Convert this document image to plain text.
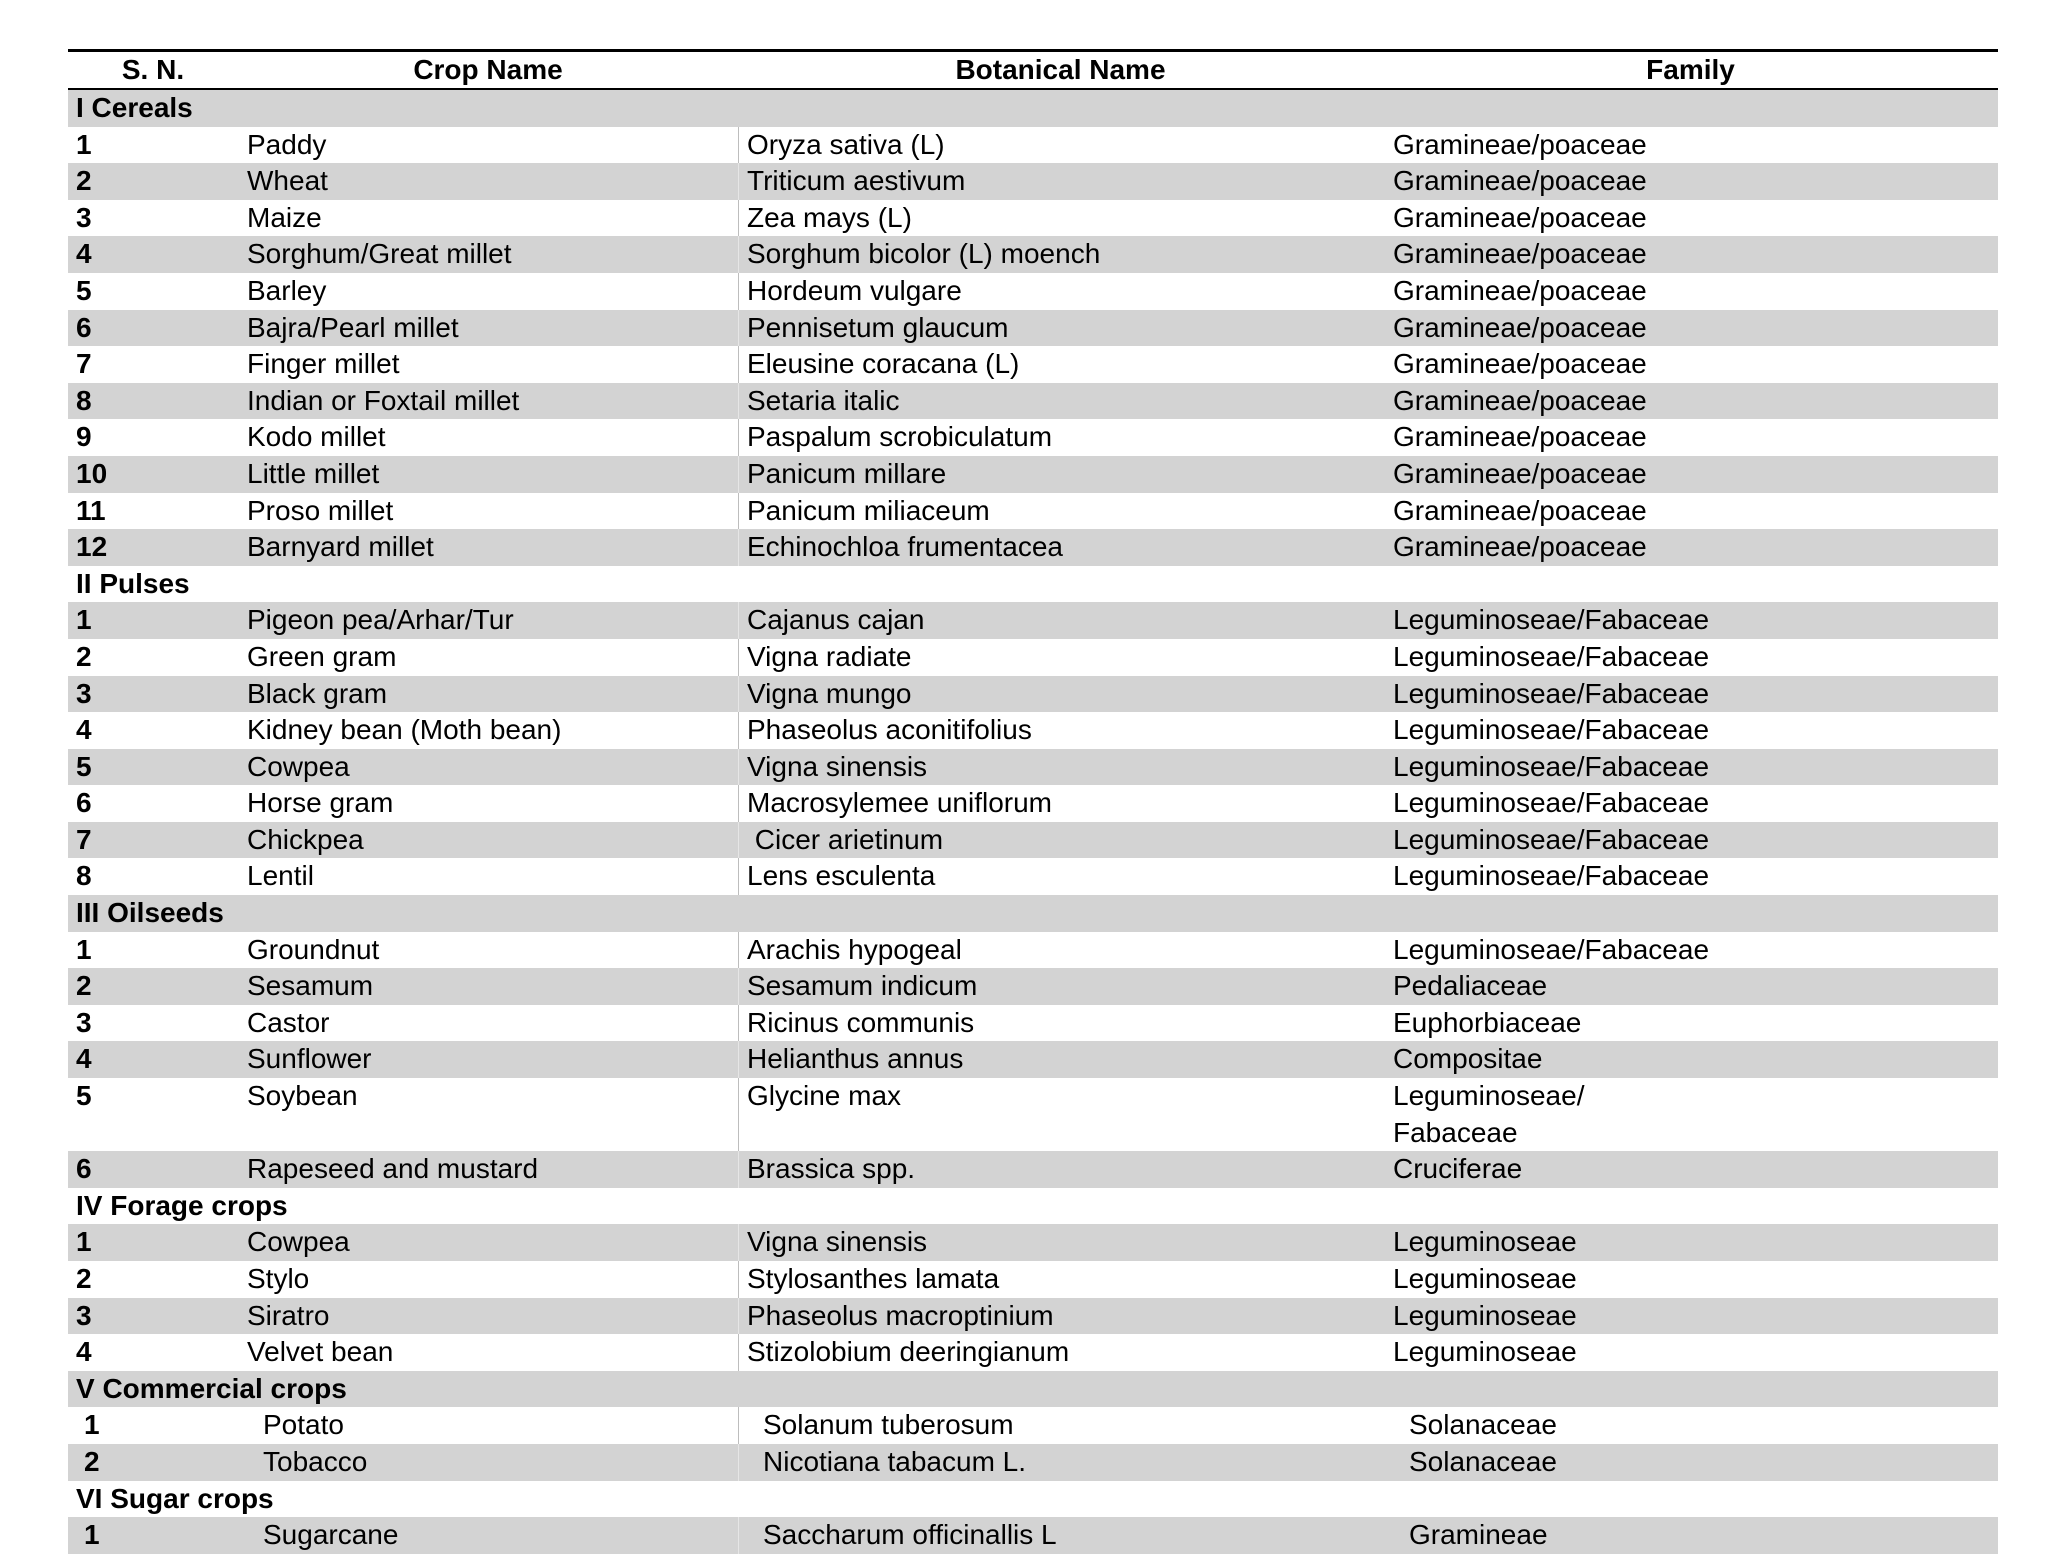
S. N.	Crop Name	Botanical Name	Family
I Cereals
1	Paddy	Oryza sativa (L)	Gramineae/poaceae
2	Wheat	Triticum aestivum	Gramineae/poaceae
3	Maize	Zea mays (L)	Gramineae/poaceae
4	Sorghum/Great millet	Sorghum bicolor (L) moench	Gramineae/poaceae
5	Barley	Hordeum vulgare	Gramineae/poaceae
6	Bajra/Pearl millet	Pennisetum glaucum	Gramineae/poaceae
7	Finger millet	Eleusine coracana (L)	Gramineae/poaceae
8	Indian or Foxtail millet	Setaria italic	Gramineae/poaceae
9	Kodo millet	Paspalum scrobiculatum	Gramineae/poaceae
10	Little millet	Panicum millare	Gramineae/poaceae
11	Proso millet	Panicum miliaceum	Gramineae/poaceae
12	Barnyard millet	Echinochloa frumentacea	Gramineae/poaceae
II Pulses
1	Pigeon pea/Arhar/Tur	Cajanus cajan	Leguminoseae/Fabaceae
2	Green gram	Vigna radiate	Leguminoseae/Fabaceae
3	Black gram	Vigna mungo	Leguminoseae/Fabaceae
4	Kidney bean (Moth bean)	Phaseolus aconitifolius	Leguminoseae/Fabaceae
5	Cowpea	Vigna sinensis	Leguminoseae/Fabaceae
6	Horse gram	Macrosylemee uniflorum	Leguminoseae/Fabaceae
7	Chickpea	Cicer arietinum	Leguminoseae/Fabaceae
8	Lentil	Lens esculenta	Leguminoseae/Fabaceae
III Oilseeds
1	Groundnut	Arachis hypogeal	Leguminoseae/Fabaceae
2	Sesamum	Sesamum indicum	Pedaliaceae
3	Castor	Ricinus communis	Euphorbiaceae
4	Sunflower	Helianthus annus	Compositae
5	Soybean	Glycine max	Leguminoseae/ Fabaceae
6	Rapeseed and mustard	Brassica spp.	Cruciferae
IV Forage crops
1	Cowpea	Vigna sinensis	Leguminoseae
2	Stylo	Stylosanthes lamata	Leguminoseae
3	Siratro	Phaseolus macroptinium	Leguminoseae
4	Velvet bean	Stizolobium deeringianum	Leguminoseae
V Commercial crops
1	Potato	Solanum tuberosum	Solanaceae
2	Tobacco	Nicotiana tabacum L.	Solanaceae
VI Sugar crops
1	Sugarcane	Saccharum officinallis L	Gramineae
